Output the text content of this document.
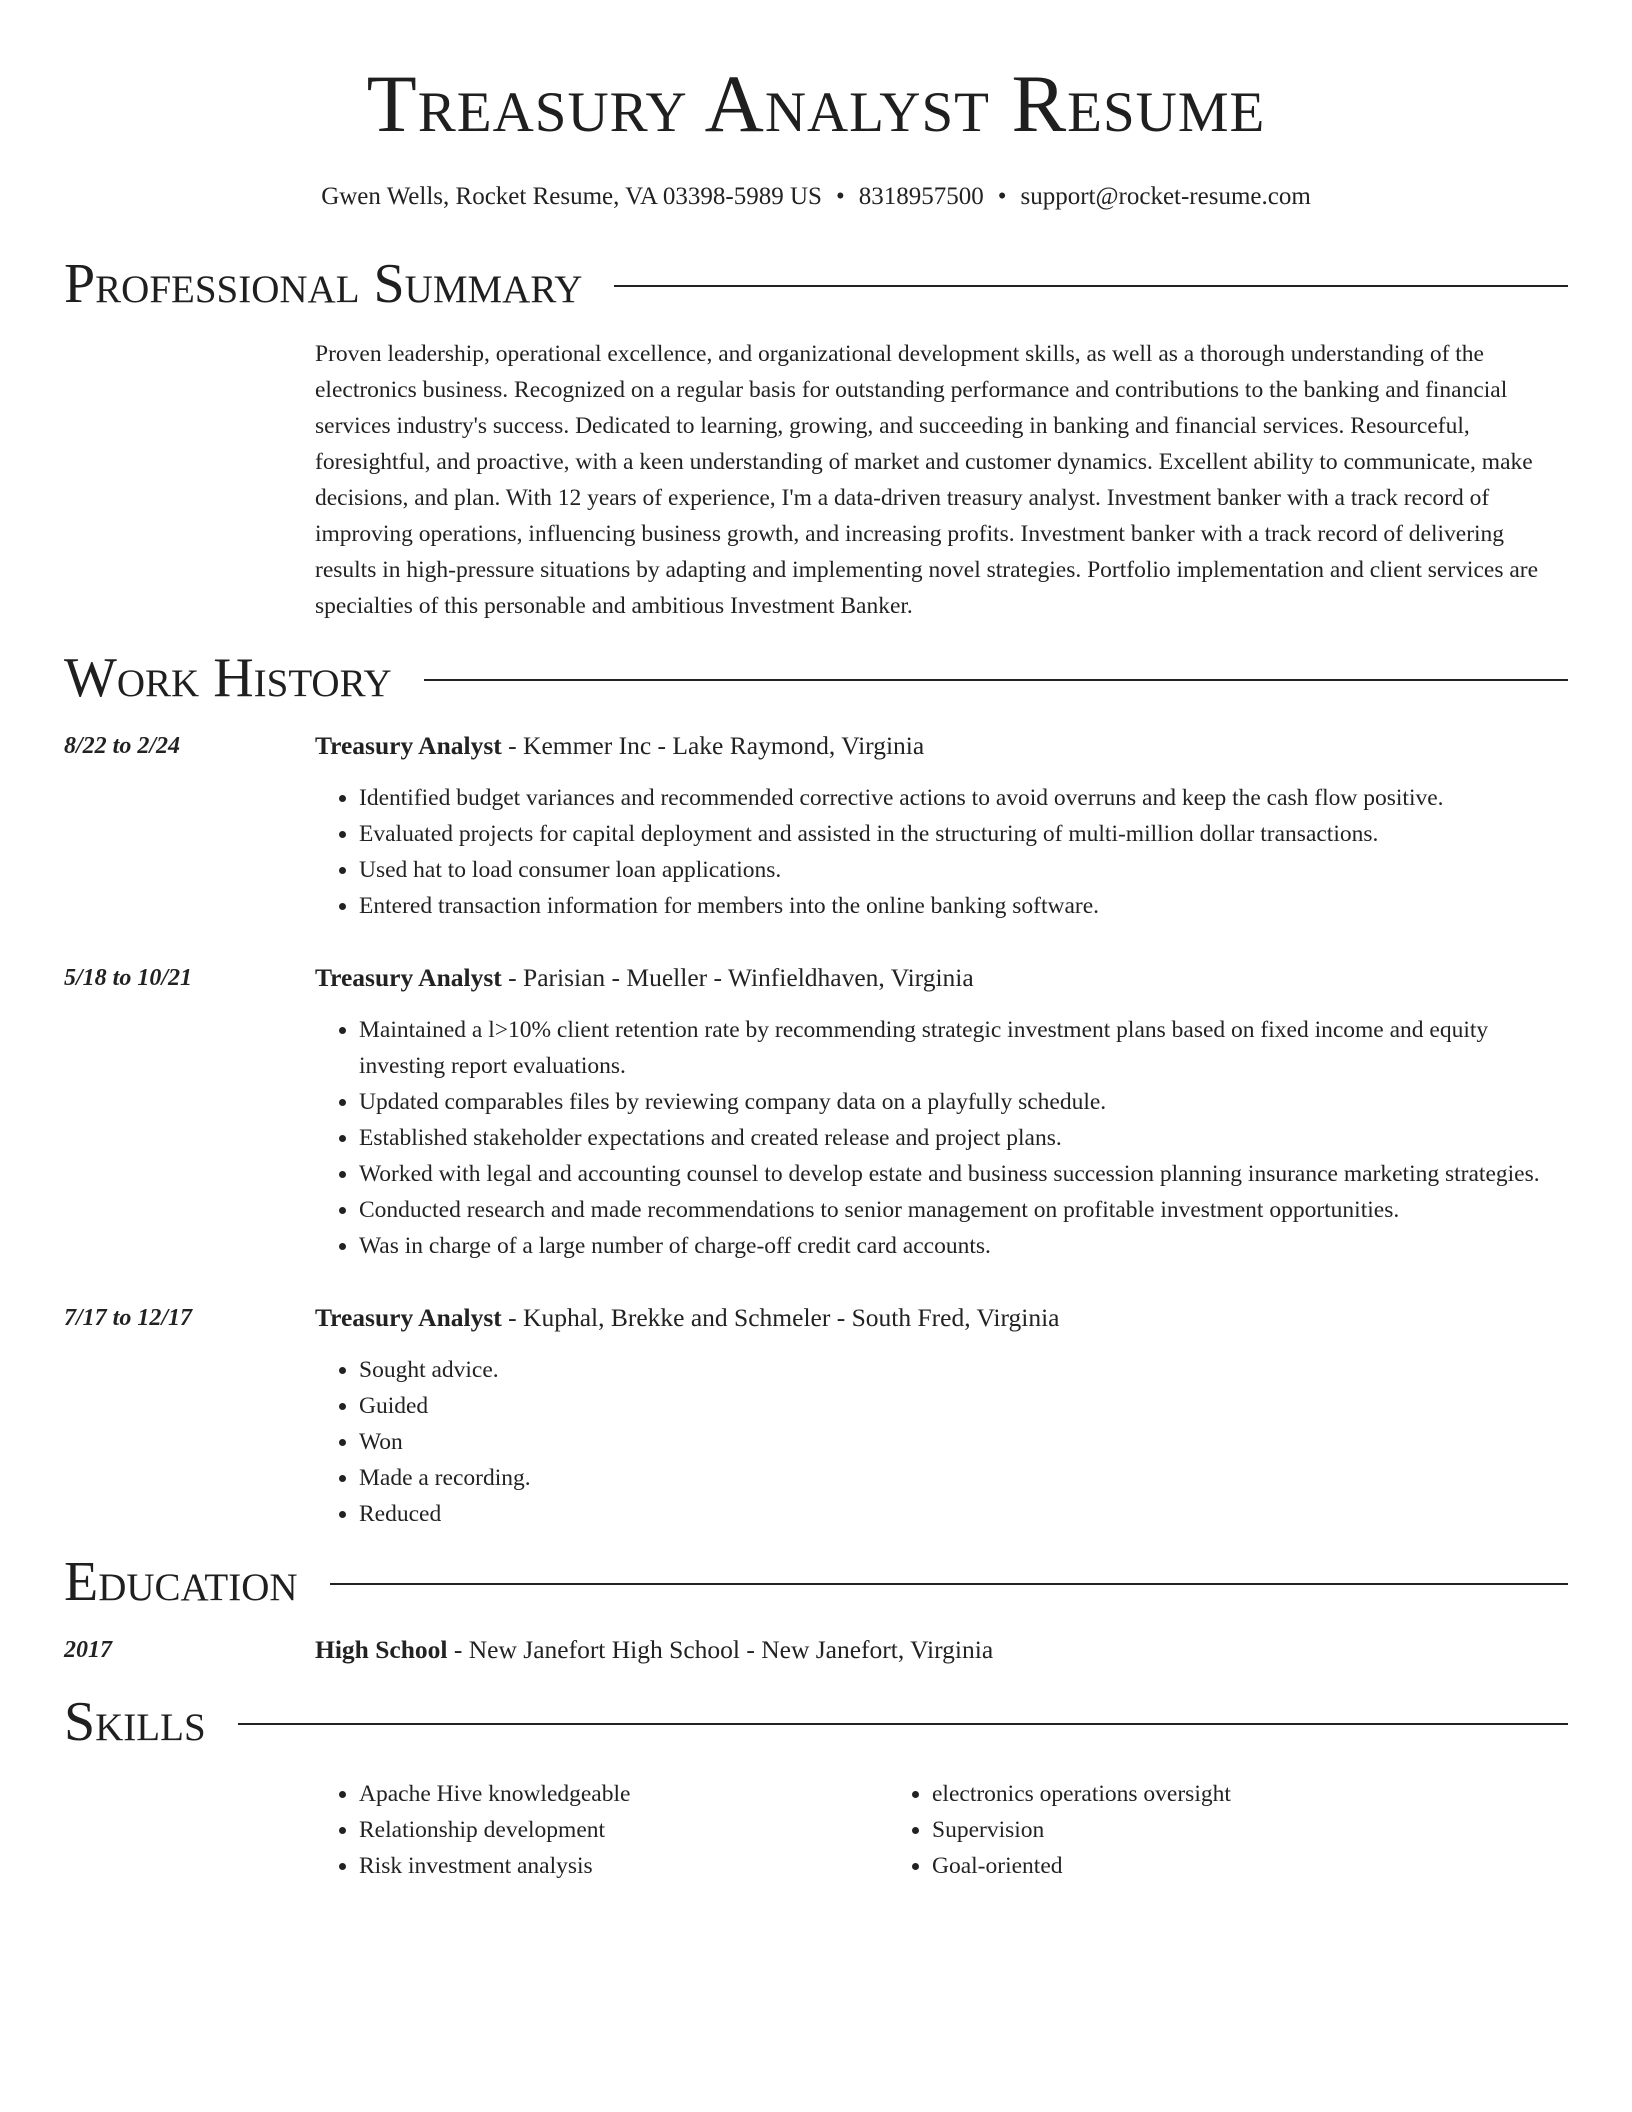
Treasury Analyst Resume
Gwen Wells, Rocket Resume, VA 03398-5989 US • 8318957500 • support@rocket-resume.com
Professional Summary
Proven leadership, operational excellence, and organizational development skills, as well as a thorough understanding of the electronics business. Recognized on a regular basis for outstanding performance and contributions to the banking and financial services industry's success. Dedicated to learning, growing, and succeeding in banking and financial services. Resourceful, foresightful, and proactive, with a keen understanding of market and customer dynamics. Excellent ability to communicate, make decisions, and plan. With 12 years of experience, I'm a data-driven treasury analyst. Investment banker with a track record of improving operations, influencing business growth, and increasing profits. Investment banker with a track record of delivering results in high-pressure situations by adapting and implementing novel strategies. Portfolio implementation and client services are specialties of this personable and ambitious Investment Banker.
Work History
8/22 to 2/24	Treasury Analyst - Kemmer Inc - Lake Raymond, Virginia
• Identified budget variances and recommended corrective actions to avoid overruns and keep the cash flow positive.
• Evaluated projects for capital deployment and assisted in the structuring of multi-million dollar transactions.
• Used hat to load consumer loan applications.
• Entered transaction information for members into the online banking software.
5/18 to 10/21	Treasury Analyst - Parisian - Mueller - Winfieldhaven, Virginia
• Maintained a l>10% client retention rate by recommending strategic investment plans based on fixed income and equity investing report evaluations.
• Updated comparables files by reviewing company data on a playfully schedule.
• Established stakeholder expectations and created release and project plans.
• Worked with legal and accounting counsel to develop estate and business succession planning insurance marketing strategies.
• Conducted research and made recommendations to senior management on profitable investment opportunities.
• Was in charge of a large number of charge-off credit card accounts.
7/17 to 12/17	Treasury Analyst - Kuphal, Brekke and Schmeler - South Fred, Virginia
• Sought advice.
• Guided
• Won
• Made a recording.
• Reduced
Education
2017	High School - New Janefort High School - New Janefort, Virginia
Skills
• Apache Hive knowledgeable
• Relationship development
• Risk investment analysis
• electronics operations oversight
• Supervision
• Goal-oriented
